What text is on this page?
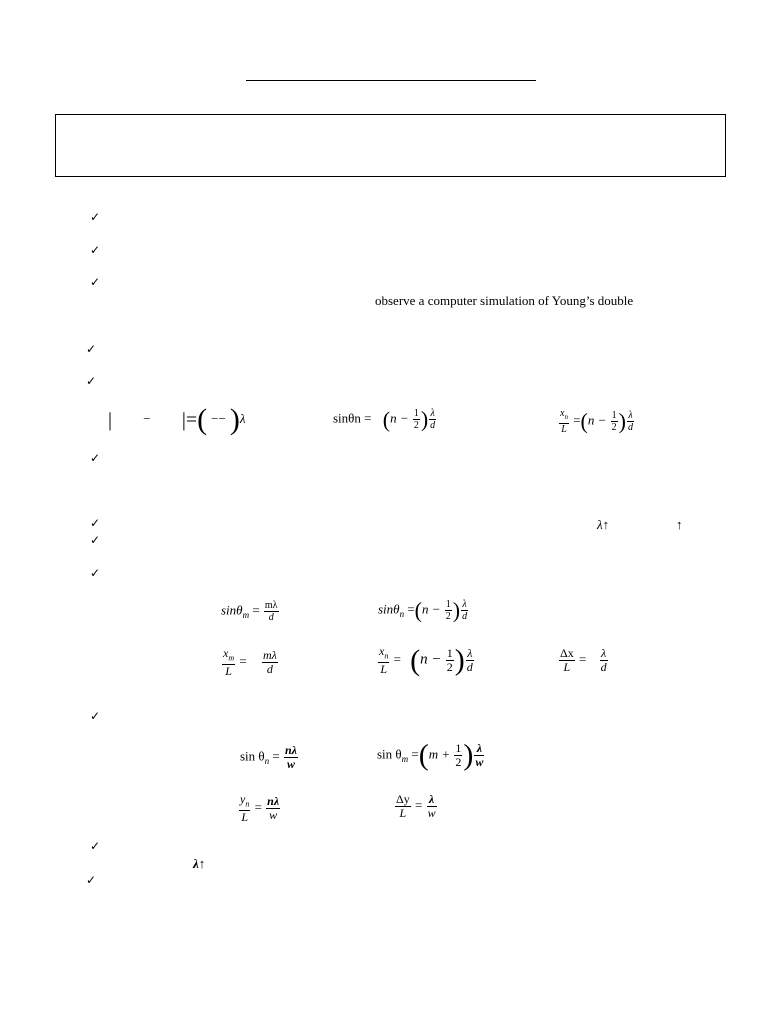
✓
✓
✓
✓
✓
✓
✓
✓
✓
✓
✓
✓
observe a computer simulation of Young’s double
λ↑	↑
λ↑
| − |=( −− )λ	$\sin\theta n = (n - \frac{1}{2}$ ) $\frac{\lambda}{d}$	$\frac{x_n}{L} =(n - \frac{1}{2}$ ) $\frac{\lambda}{d}$
$\sin\theta_m = \frac{m\lambda}{d}$	$\sin\theta_n =(n - \frac{1}{2}$ ) $\frac{\lambda}{d}$
$\frac{x_m}{L} = \frac{m\lambda}{d}$	$\frac{x_n}{L} = (n - \frac{1}{2}$ ) $\frac{\lambda}{d}$	$\frac{\Delta x}{L} = \frac{\lambda}{d}$
$\sin \theta_n = \frac{n\lambda}{w}$	$\sin \theta_m =(m + \frac{1}{2}$ ) $\frac{\lambda}{w}$
$\frac{y_n}{L} = \frac{n\lambda}{w}$	$\frac{\Delta y}{L} = \frac{\lambda}{w}$
